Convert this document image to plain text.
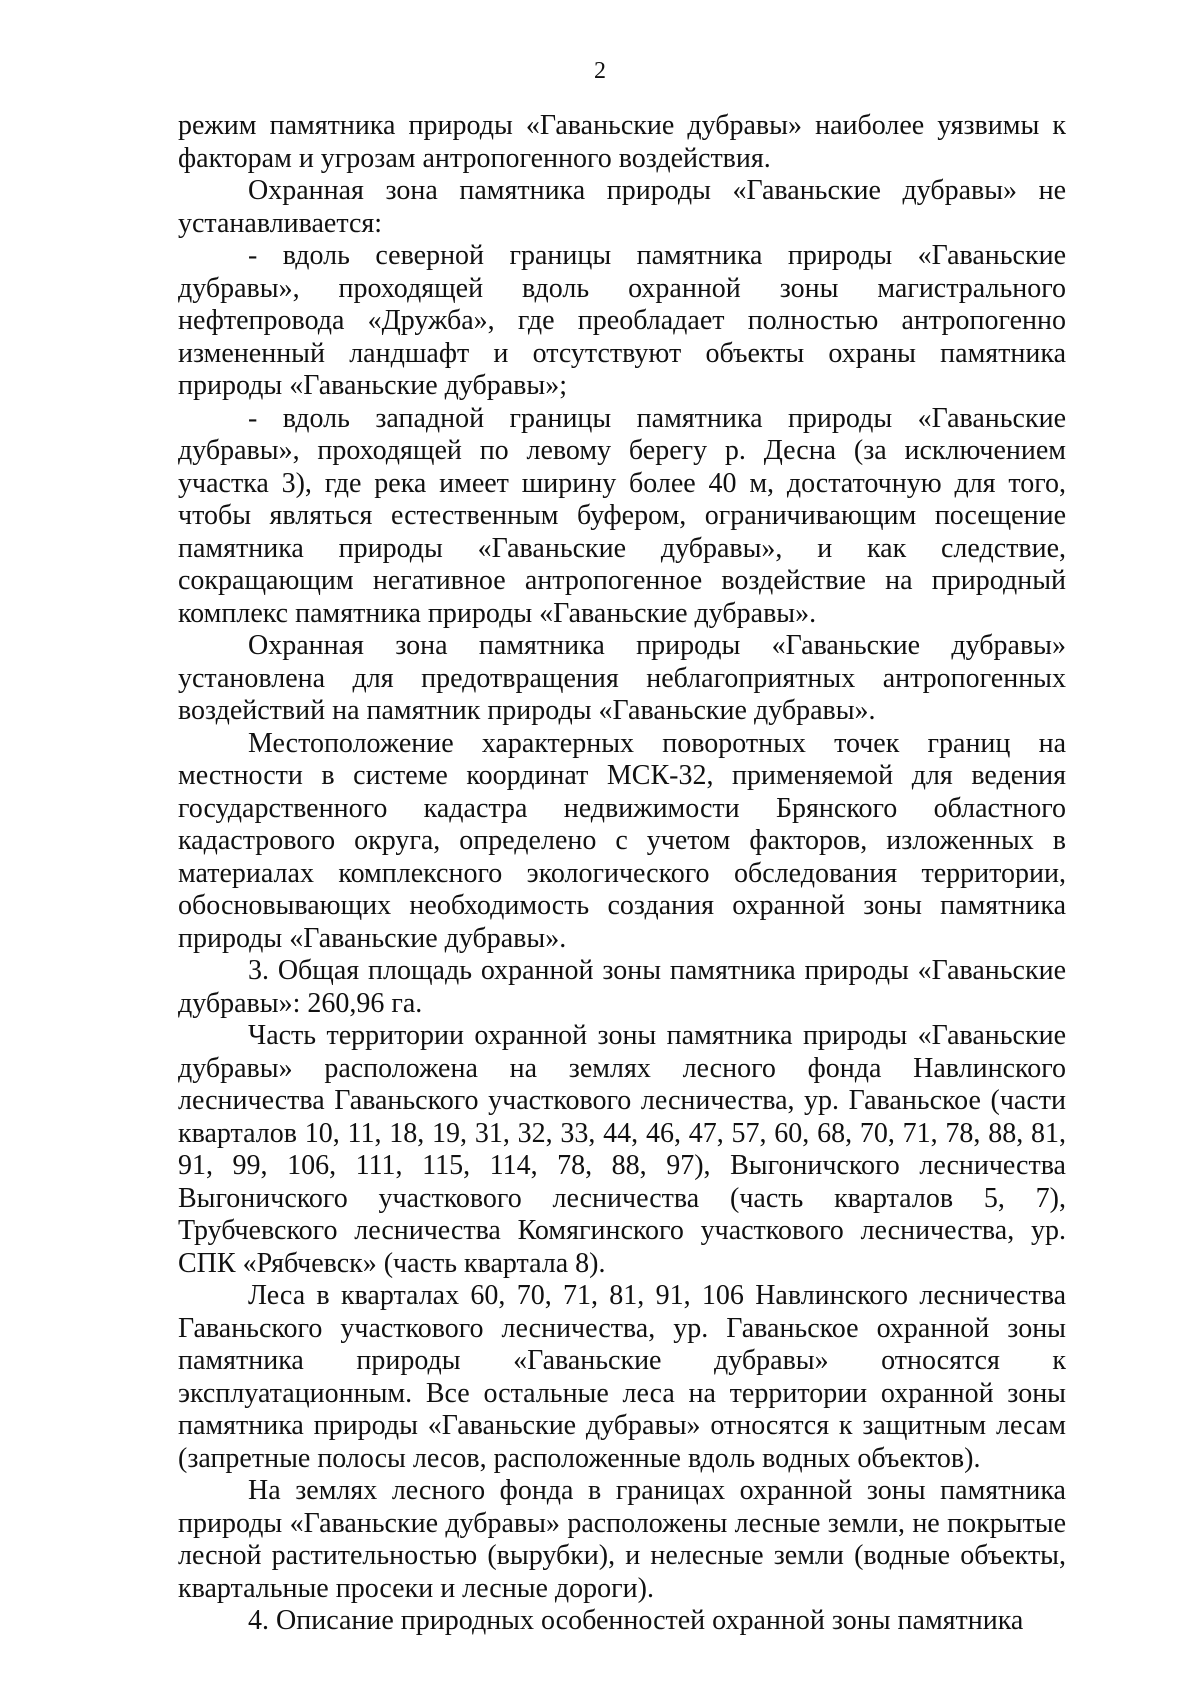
2

режим памятника природы «Гаваньские дубравы» наиболее уязвимы к факторам и угрозам антропогенного воздействия.

Охранная зона памятника природы «Гаваньские дубравы» не устанавливается:

- вдоль северной границы памятника природы «Гаваньские дубравы», проходящей вдоль охранной зоны магистрального нефтепровода «Дружба», где преобладает полностью антропогенно измененный ландшафт и отсутствуют объекты охраны памятника природы «Гаваньские дубравы»;

- вдоль западной границы памятника природы «Гаваньские дубравы», проходящей по левому берегу р. Десна (за исключением участка 3), где река имеет ширину более 40 м, достаточную для того, чтобы являться естественным буфером, ограничивающим посещение памятника природы «Гаваньские дубравы», и как следствие, сокращающим негативное антропогенное воздействие на природный комплекс памятника природы «Гаваньские дубравы».

Охранная зона памятника природы «Гаваньские дубравы» установлена для предотвращения неблагоприятных антропогенных воздействий на памятник природы «Гаваньские дубравы».

Местоположение характерных поворотных точек границ на местности в системе координат МСК-32, применяемой для ведения государственного кадастра недвижимости Брянского областного кадастрового округа, определено с учетом факторов, изложенных в материалах комплексного экологического обследования территории, обосновывающих необходимость создания охранной зоны памятника природы «Гаваньские дубравы».

3. Общая площадь охранной зоны памятника природы «Гаваньские дубравы»: 260,96 га.

Часть территории охранной зоны памятника природы «Гаваньские дубравы» расположена на землях лесного фонда Навлинского лесничества Гаваньского участкового лесничества, ур. Гаваньское (части кварталов 10, 11, 18, 19, 31, 32, 33, 44, 46, 47, 57, 60, 68, 70, 71, 78, 88, 81, 91, 99, 106, 111, 115, 114, 78, 88, 97), Выгоничского лесничества Выгоничского участкового лесничества (часть кварталов 5, 7), Трубчевского лесничества Комягинского участкового лесничества, ур. СПК «Рябчевск» (часть квартала 8).

Леса в кварталах 60, 70, 71, 81, 91, 106 Навлинского лесничества Гаваньского участкового лесничества, ур. Гаваньское охранной зоны памятника природы «Гаваньские дубравы» относятся к эксплуатационным. Все остальные леса на территории охранной зоны памятника природы «Гаваньские дубравы» относятся к защитным лесам (запретные полосы лесов, расположенные вдоль водных объектов).

На землях лесного фонда в границах охранной зоны памятника природы «Гаваньские дубравы» расположены лесные земли, не покрытые лесной растительностью (вырубки), и нелесные земли (водные объекты, квартальные просеки и лесные дороги).

4. Описание природных особенностей охранной зоны памятника
